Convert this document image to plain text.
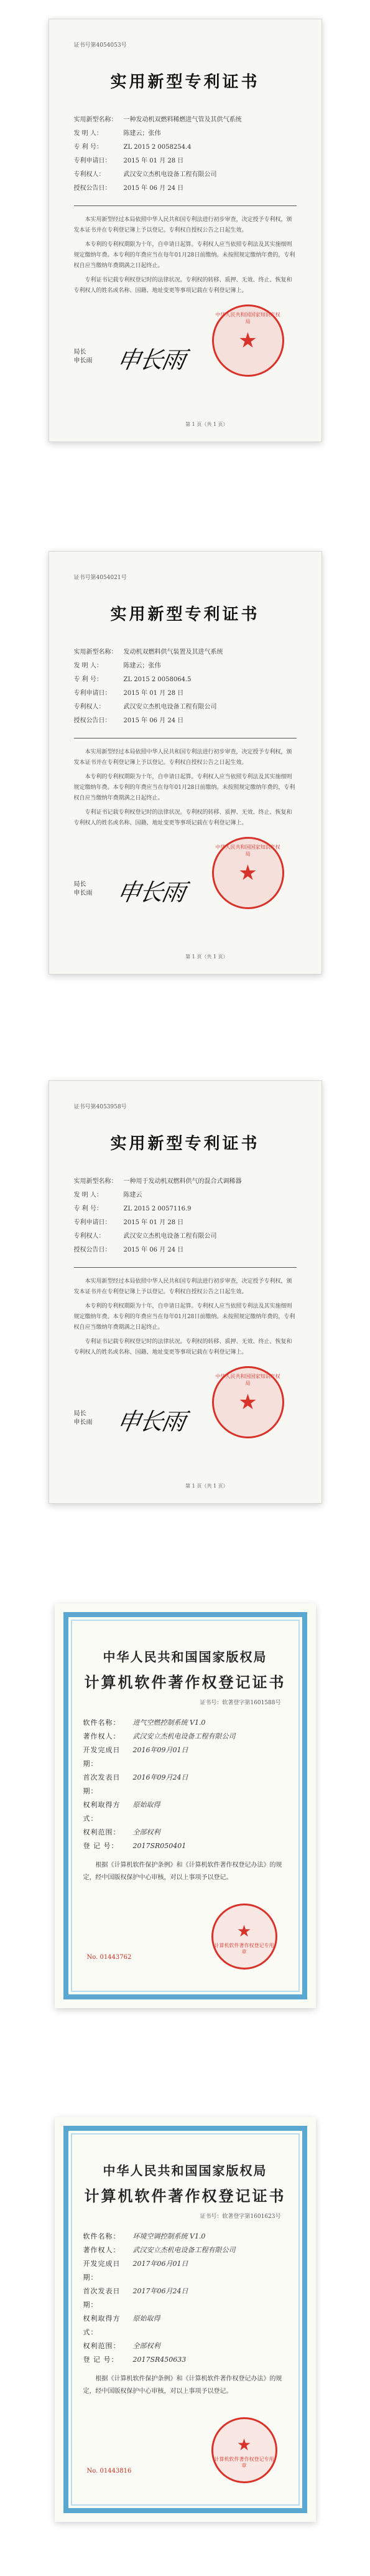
证书号第4054053号
实用新型专利证书
实用新型名称：	一种发动机双燃料稀燃进气管及其供气系统
发 明 人：	陈建云；张伟
专 利 号：	ZL 2015 2 0058254.4
专利申请日：	2015 年 01 月 28 日
专利权人：	武汉安立杰机电设备工程有限公司
授权公告日：	2015 年 06 月 24 日
本实用新型经过本局依照中华人民共和国专利法进行初步审查，决定授予专利权，颁发本证书并在专利登记簿上予以登记。专利权自授权公告之日起生效。
本专利的专利权期限为十年，自申请日起算。专利权人应当依照专利法及其实施细则规定缴纳年费。本专利的年费应当在每年01月28日前缴纳。未按照规定缴纳年费的，专利权自应当缴纳年费期满之日起终止。
专利证书记载专利权登记时的法律状况。专利权的转移、质押、无效、终止、恢复和专利权人的姓名或名称、国籍、地址变更等事项记载在专利登记簿上。
中华人民共和国国家知识产权局
★
局长
申长雨 申长雨
第 1 页（共 1 页）
证书号第4054021号
实用新型专利证书
实用新型名称：	发动机双燃料供气装置及其进气系统
发 明 人：	陈建云；张伟
专 利 号：	ZL 2015 2 0058064.5
专利申请日：	2015 年 01 月 28 日
专利权人：	武汉安立杰机电设备工程有限公司
授权公告日：	2015 年 06 月 24 日
本实用新型经过本局依照中华人民共和国专利法进行初步审查，决定授予专利权，颁发本证书并在专利登记簿上予以登记。专利权自授权公告之日起生效。
本专利的专利权期限为十年，自申请日起算。专利权人应当依照专利法及其实施细则规定缴纳年费。本专利的年费应当在每年01月28日前缴纳。未按照规定缴纳年费的，专利权自应当缴纳年费期满之日起终止。
专利证书记载专利权登记时的法律状况。专利权的转移、质押、无效、终止、恢复和专利权人的姓名或名称、国籍、地址变更等事项记载在专利登记簿上。
中华人民共和国国家知识产权局
★
局长
申长雨 申长雨
第 1 页（共 1 页）
证书号第4053958号
实用新型专利证书
实用新型名称：	一种用于发动机双燃料供气的混合式调稀器
发 明 人：	陈建云
专 利 号：	ZL 2015 2 0057116.9
专利申请日：	2015 年 01 月 28 日
专利权人：	武汉安立杰机电设备工程有限公司
授权公告日：	2015 年 06 月 24 日
本实用新型经过本局依照中华人民共和国专利法进行初步审查，决定授予专利权，颁发本证书并在专利登记簿上予以登记。专利权自授权公告之日起生效。
本专利的专利权期限为十年，自申请日起算。专利权人应当依照专利法及其实施细则规定缴纳年费。本专利的年费应当在每年01月28日前缴纳。未按照规定缴纳年费的，专利权自应当缴纳年费期满之日起终止。
专利证书记载专利权登记时的法律状况。专利权的转移、质押、无效、终止、恢复和专利权人的姓名或名称、国籍、地址变更等事项记载在专利登记簿上。
中华人民共和国国家知识产权局
★
局长
申长雨 申长雨
第 1 页（共 1 页）
中华人民共和国国家版权局
计算机软件著作权登记证书
证书号：软著登字第1601588号
软件名称：	进气空燃控制系统 V1.0
著作权人：	武汉安立杰机电设备工程有限公司
开发完成日期：
2016年09月01日
首次发表日期：
2016年09月24日
权利取得方式：
原始取得
权利范围：	全部权利
登 记 号：	2017SR050401
根据《计算机软件保护条例》和《计算机软件著作权登记办法》的规定，经中国版权保护中心审核，对以上事项予以登记。
No. 01443762
★
计算机软件著作权登记专用章
中华人民共和国国家版权局
计算机软件著作权登记证书
证书号：软著登字第1601623号
软件名称：	环境空调控制系统 V1.0
著作权人：	武汉安立杰机电设备工程有限公司
开发完成日期：
2017年06月01日
首次发表日期：
2017年06月24日
权利取得方式：
原始取得
权利范围：	全部权利
登 记 号：	2017SR450633
根据《计算机软件保护条例》和《计算机软件著作权登记办法》的规定，经中国版权保护中心审核，对以上事项予以登记。
No. 01443816
★
计算机软件著作权登记专用章
